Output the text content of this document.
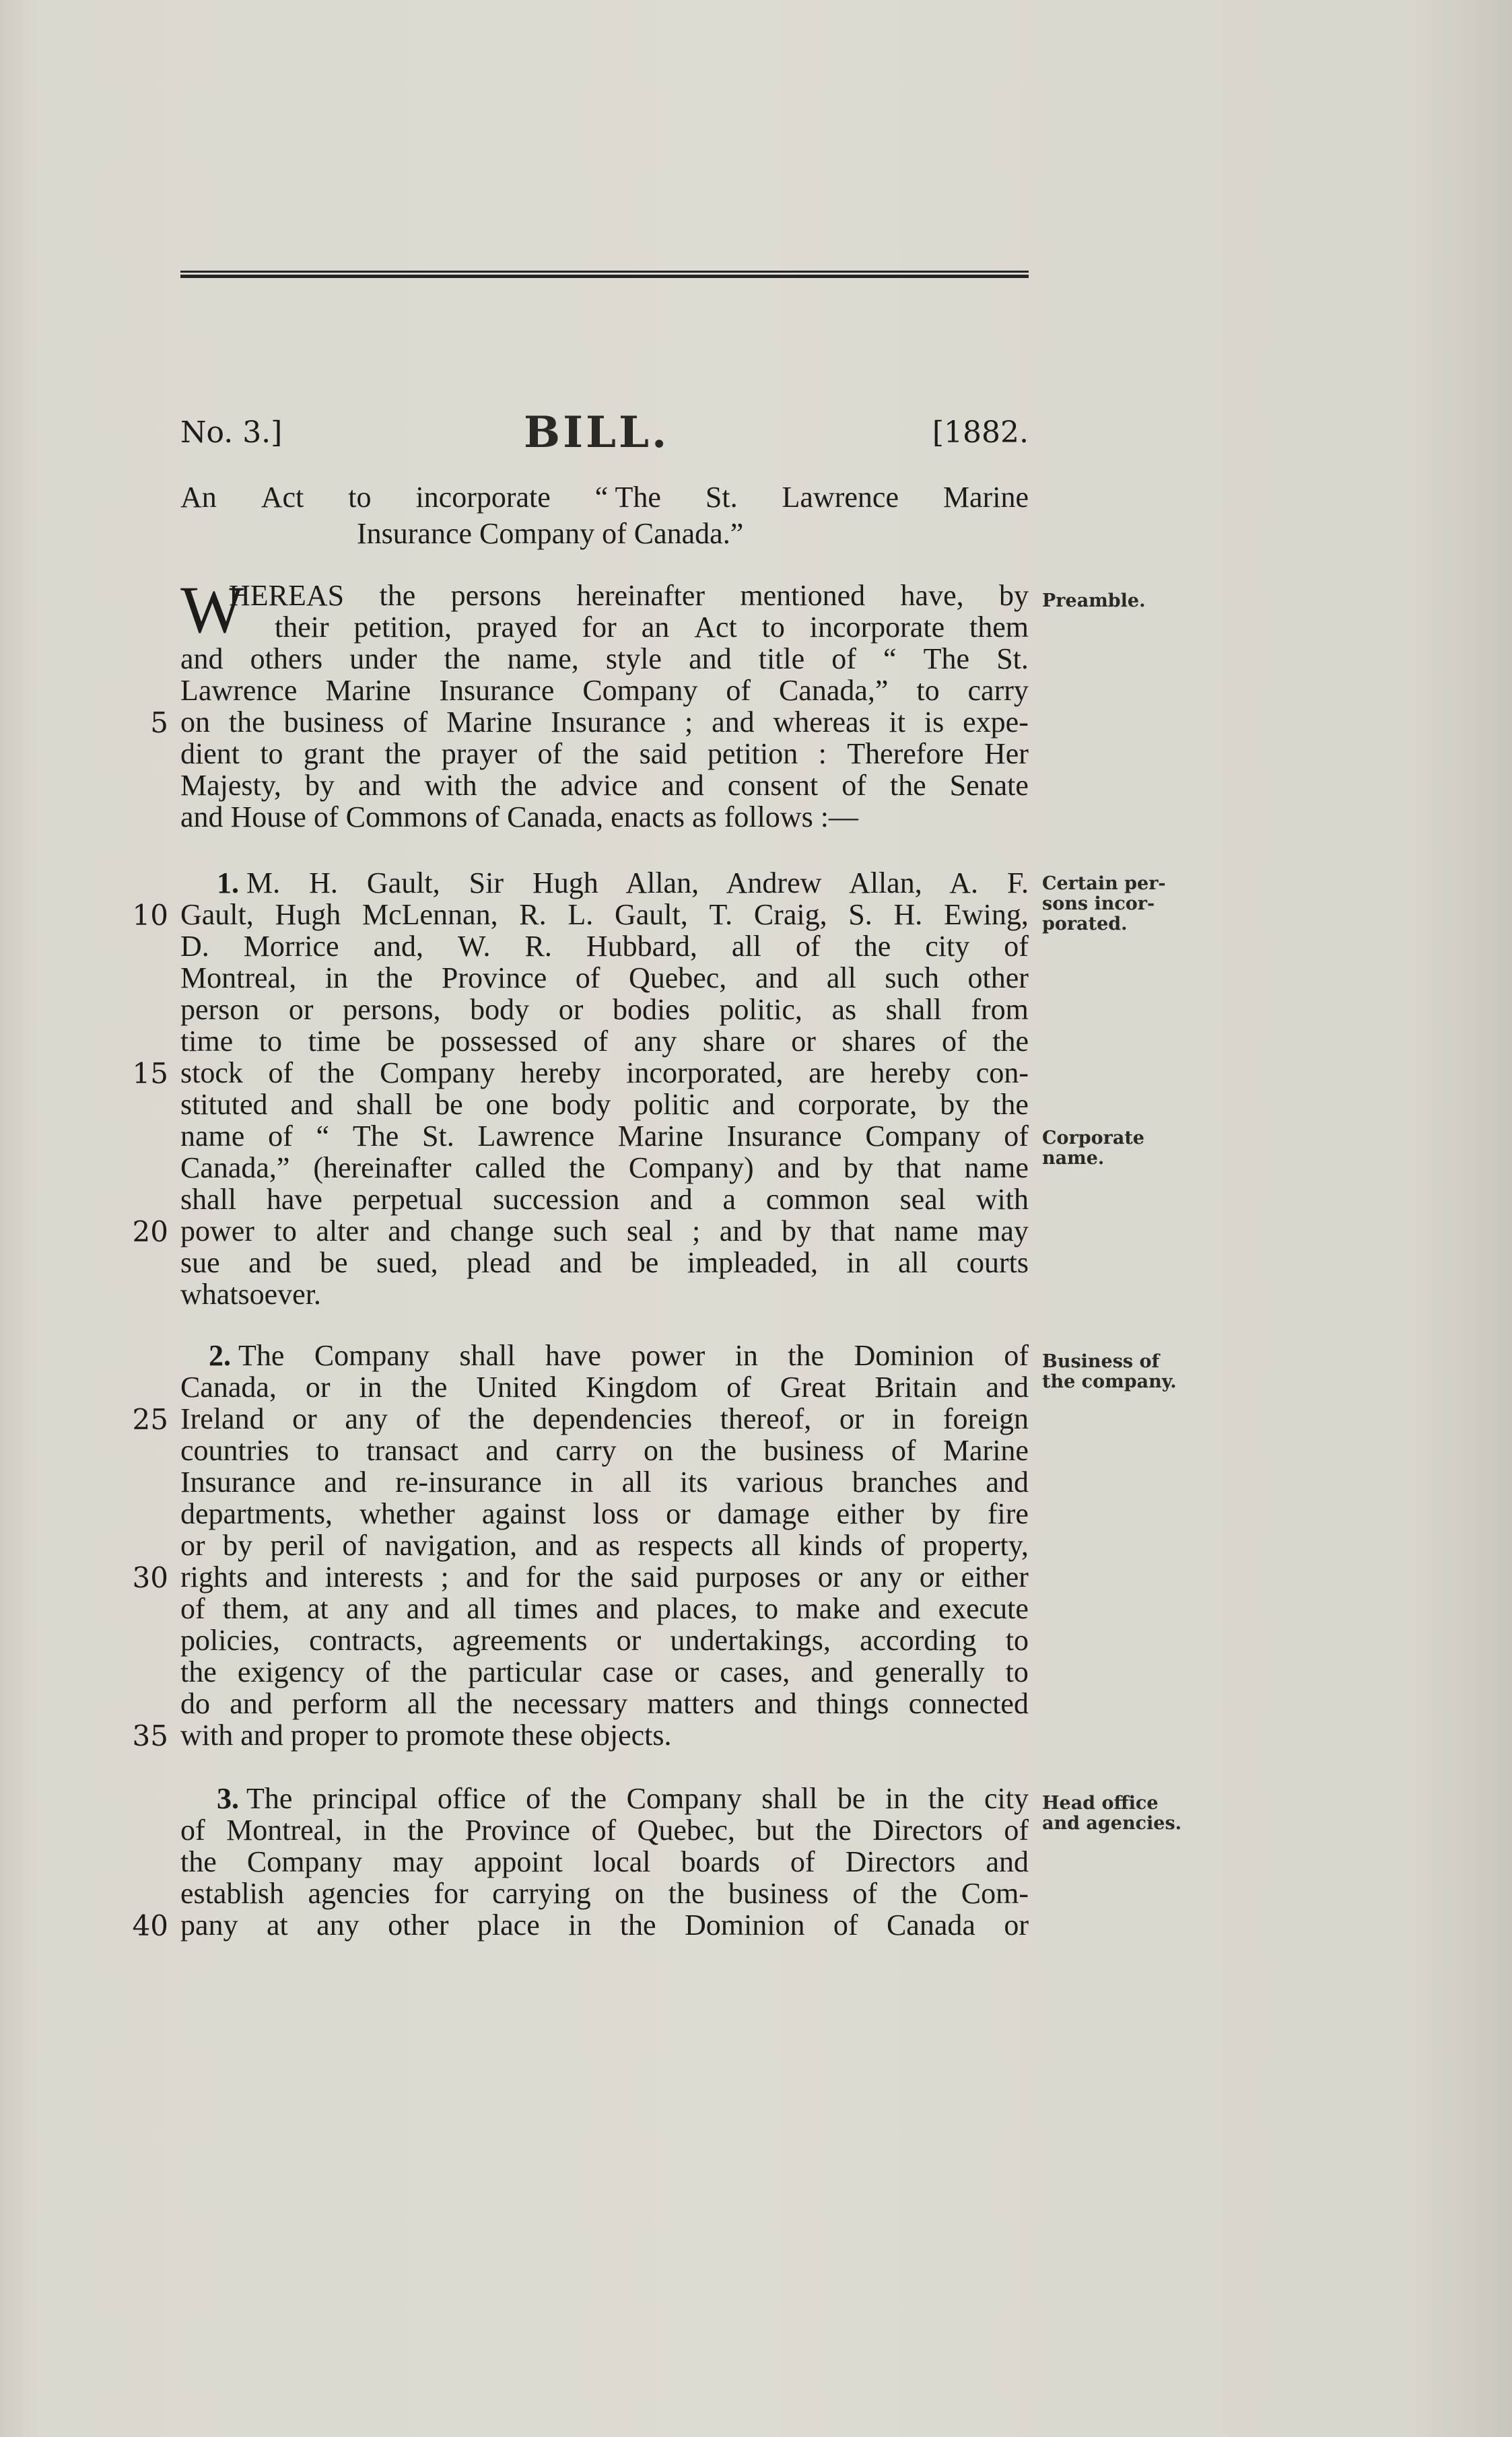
No. 3.]	BILL.	[1882.
An Act to incorporate “ The St. Lawrence Marine
Insurance Company of Canada.”
W
HEREAS the persons hereinafter mentioned have, by
their petition, prayed for an Act to incorporate them
and others under the name, style and title of “ The St.
Lawrence Marine Insurance Company of Canada,” to carry
on the business of Marine Insurance ; and whereas it is expe-
dient to grant the prayer of the said petition : Therefore Her
Majesty, by and with the advice and consent of the Senate
and House of Commons of Canada, enacts as follows :—
5
Preamble.
1.
M. H. Gault, Sir Hugh Allan, Andrew Allan, A. F.
Gault, Hugh McLennan, R. L. Gault, T. Craig, S. H. Ewing,
D. Morrice and, W. R. Hubbard, all of the city of
Montreal, in the Province of Quebec, and all such other
person or persons, body or bodies politic, as shall from
time to time be possessed of any share or shares of the
stock of the Company hereby incorporated, are hereby con-
stituted and shall be one body politic and corporate, by the
name of “ The St. Lawrence Marine Insurance Company of
Canada,” (hereinafter called the Company) and by that name
shall have perpetual succession and a common seal with
power to alter and change such seal ; and by that name may
sue and be sued, plead and be impleaded, in all courts
whatsoever.
10
15
20
Certain per-
sons incor-
porated.
Corporate
name.
2.
The Company shall have power in the Dominion of
Canada, or in the United Kingdom of Great Britain and
Ireland or any of the dependencies thereof, or in foreign
countries to transact and carry on the business of Marine
Insurance and re-insurance in all its various branches and
departments, whether against loss or damage either by fire
or by peril of navigation, and as respects all kinds of property,
rights and interests ; and for the said purposes or any or either
of them, at any and all times and places, to make and execute
policies, contracts, agreements or undertakings, according to
the exigency of the particular case or cases, and generally to
do and perform all the necessary matters and things connected
with and proper to promote these objects.
25
30
35
Business of
the company.
3.
The principal office of the Company shall be in the city
of Montreal, in the Province of Quebec, but the Directors of
the Company may appoint local boards of Directors and
establish agencies for carrying on the business of the Com-
pany at any other place in the Dominion of Canada or
40
Head office
and agencies.
